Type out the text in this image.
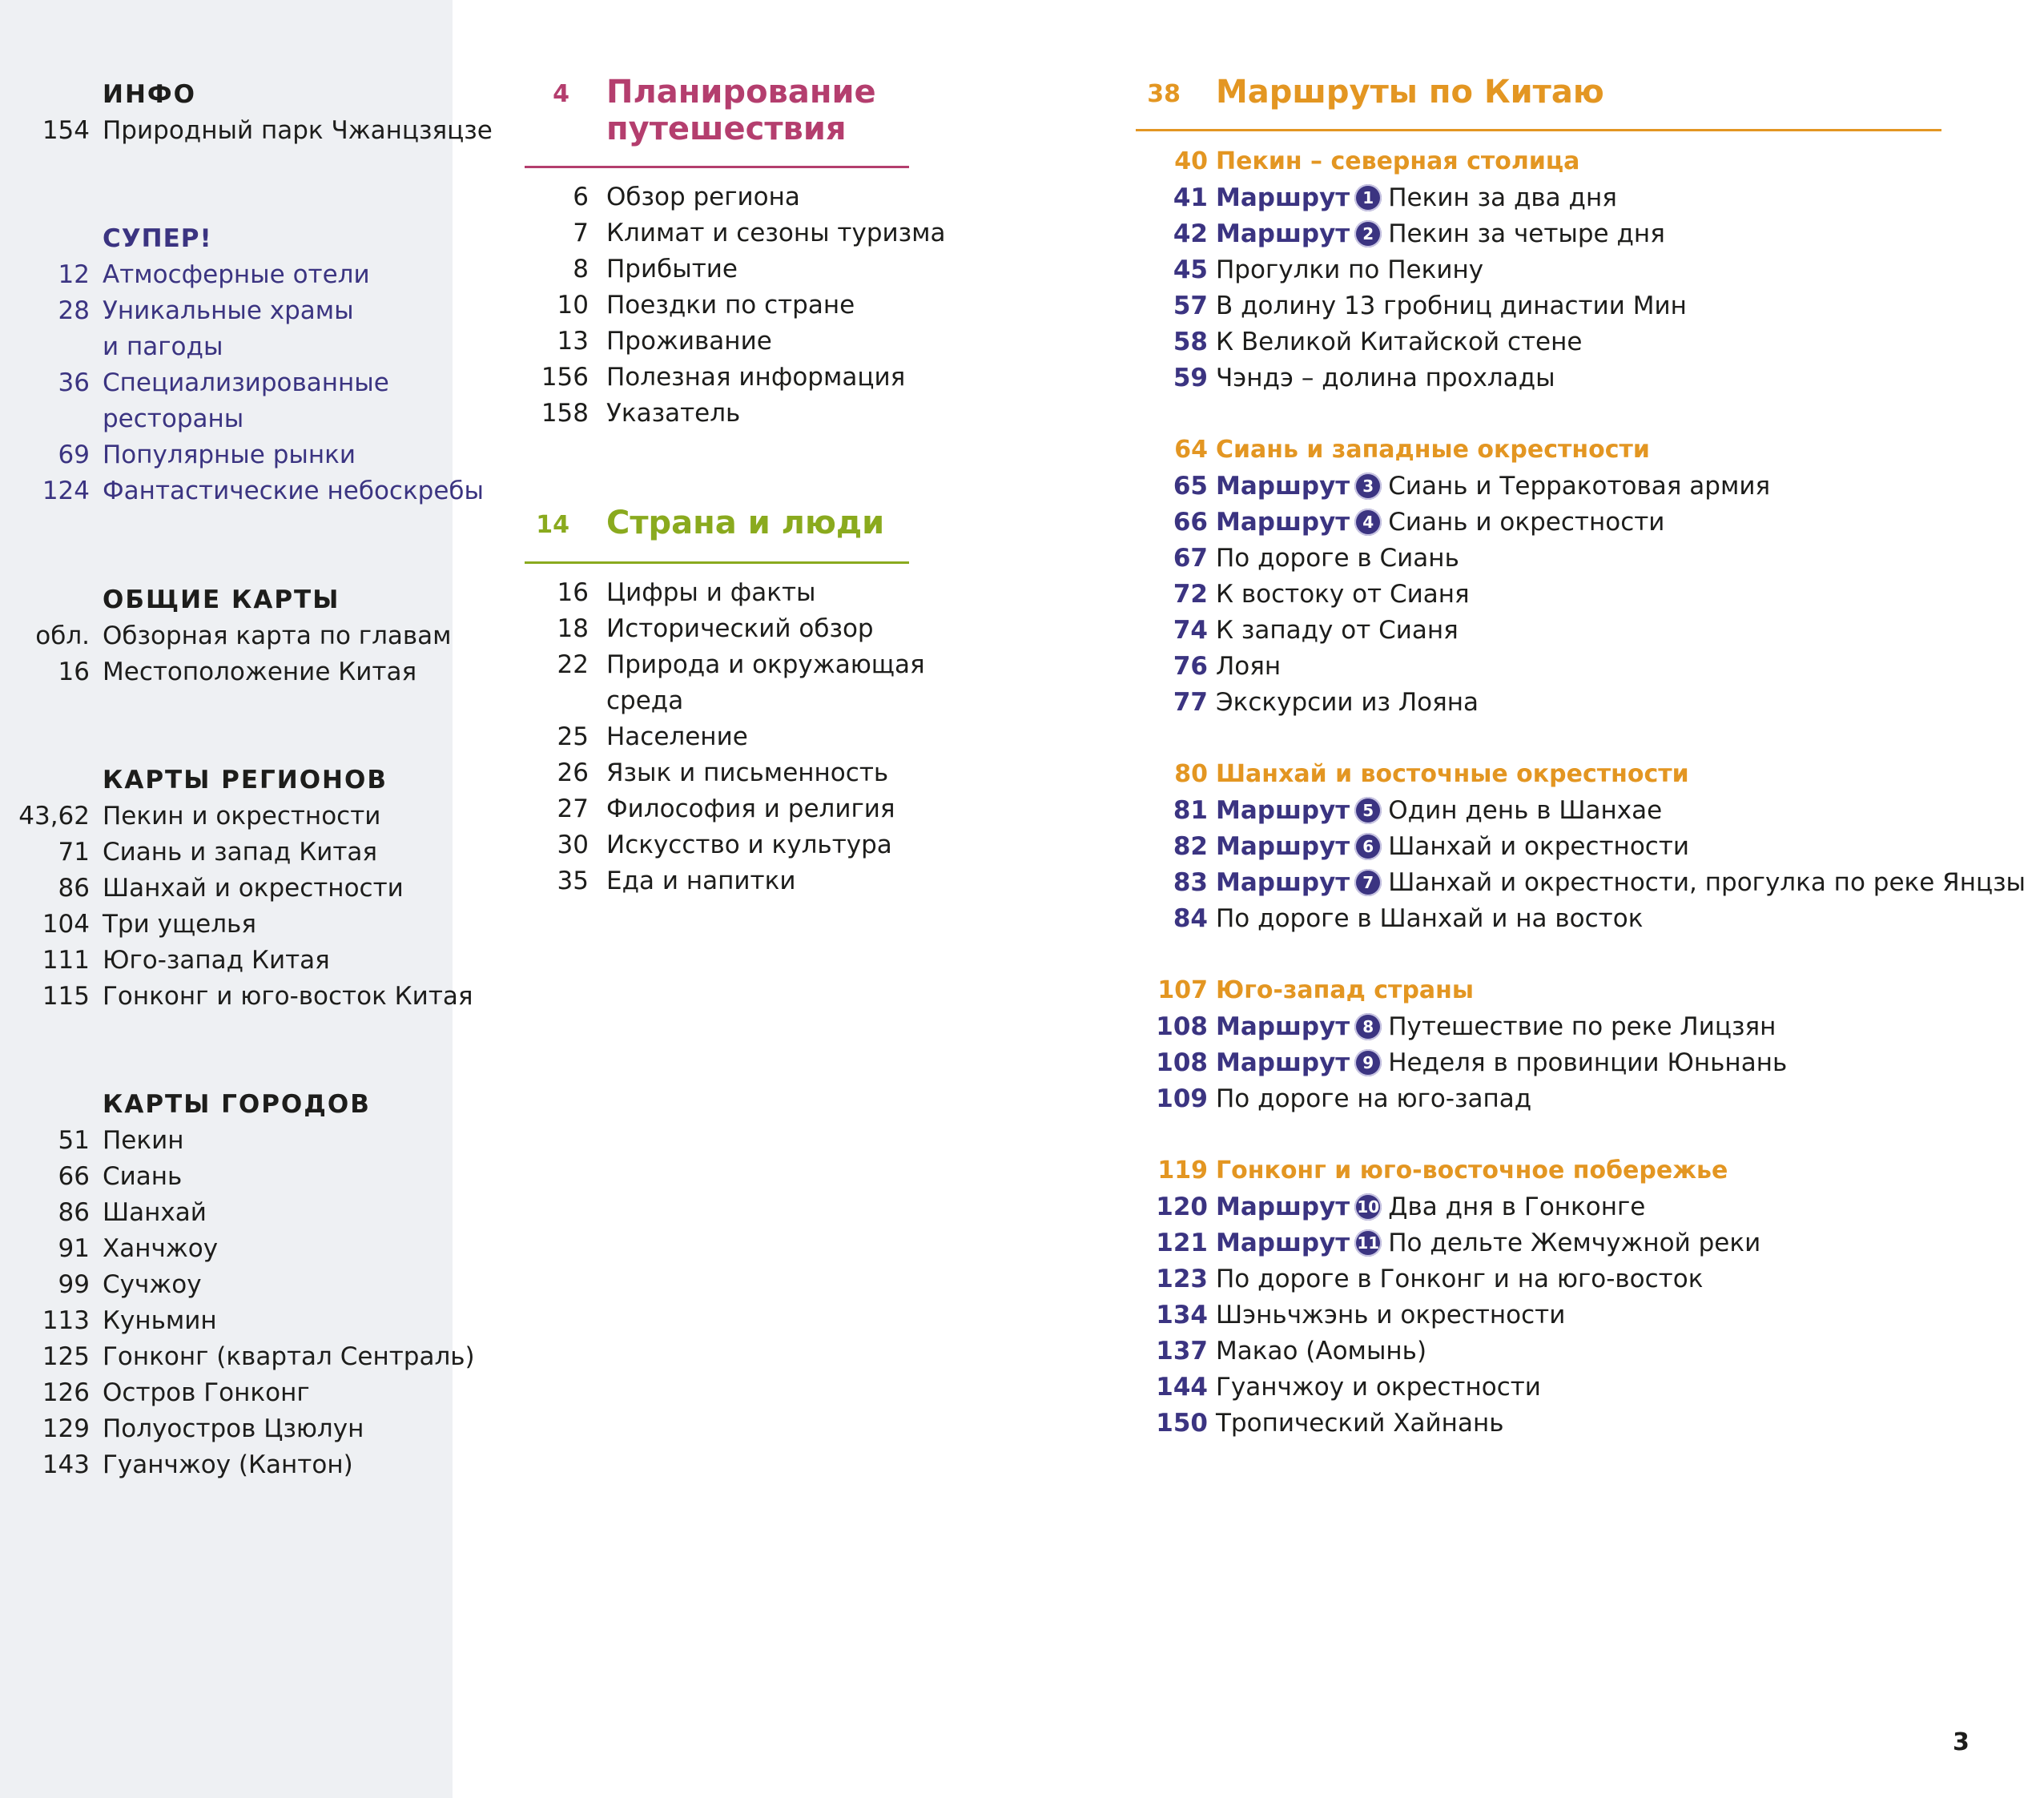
ИНФО
154 Природный парк Чжанцзяцзе
СУПЕР!
12 Атмосферные отели
28 Уникальные храмы
и пагоды
36 Специализированные
рестораны
69 Популярные рынки
124 Фантастические небоскребы
ОБЩИЕ КАРТЫ
обл. Обзорная карта по главам
16 Местоположение Китая
КАРТЫ РЕГИОНОВ
43,62 Пекин и окрестности
71 Сиань и запад Китая
86 Шанхай и окрестности
104 Три ущелья
111 Юго-запад Китая
115 Гонконг и юго-восток Китая
КАРТЫ ГОРОДОВ
51 Пекин
66 Сиань
86 Шанхай
91 Ханчжоу
99 Сучжоу
113 Куньмин
125 Гонконг (квартал Сентраль)
126 Остров Гонконг
129 Полуостров Цзюлун
143 Гуанчжоу (Кантон)
4 Планирование
путешествия
6 Обзор региона
7 Климат и сезоны туризма
8 Прибытие
10 Поездки по стране
13 Проживание
156 Полезная информация
158 Указатель
14 Страна и люди
16 Цифры и факты
18 Исторический обзор
22 Природа и окружающая
среда
25 Население
26 Язык и письменность
27 Философия и религия
30 Искусство и культура
35 Еда и напитки
38 Маршруты по Китаю
40 Пекин – северная столица
41 Маршрут 1 Пекин за два дня
42 Маршрут 2 Пекин за четыре дня
45 Прогулки по Пекину
57 В долину 13 гробниц династии Мин
58 К Великой Китайской стене
59 Чэндэ – долина прохлады
64 Сиань и западные окрестности
65 Маршрут 3 Сиань и Терракотовая армия
66 Маршрут 4 Сиань и окрестности
67 По дороге в Сиань
72 К востоку от Сианя
74 К западу от Сианя
76 Лоян
77 Экскурсии из Лояна
80 Шанхай и восточные окрестности
81 Маршрут 5 Один день в Шанхае
82 Маршрут 6 Шанхай и окрестности
83 Маршрут 7 Шанхай и окрестности, прогулка по реке Янцзы
84 По дороге в Шанхай и на восток
107 Юго-запад страны
108 Маршрут 8 Путешествие по реке Лицзян
108 Маршрут 9 Неделя в провинции Юньнань
109 По дороге на юго-запад
119 Гонконг и юго-восточное побережье
120 Маршрут 10 Два дня в Гонконге
121 Маршрут 11 По дельте Жемчужной реки
123 По дороге в Гонконг и на юго-восток
134 Шэньчжэнь и окрестности
137 Макао (Аомынь)
144 Гуанчжоу и окрестности
150 Тропический Хайнань
3
